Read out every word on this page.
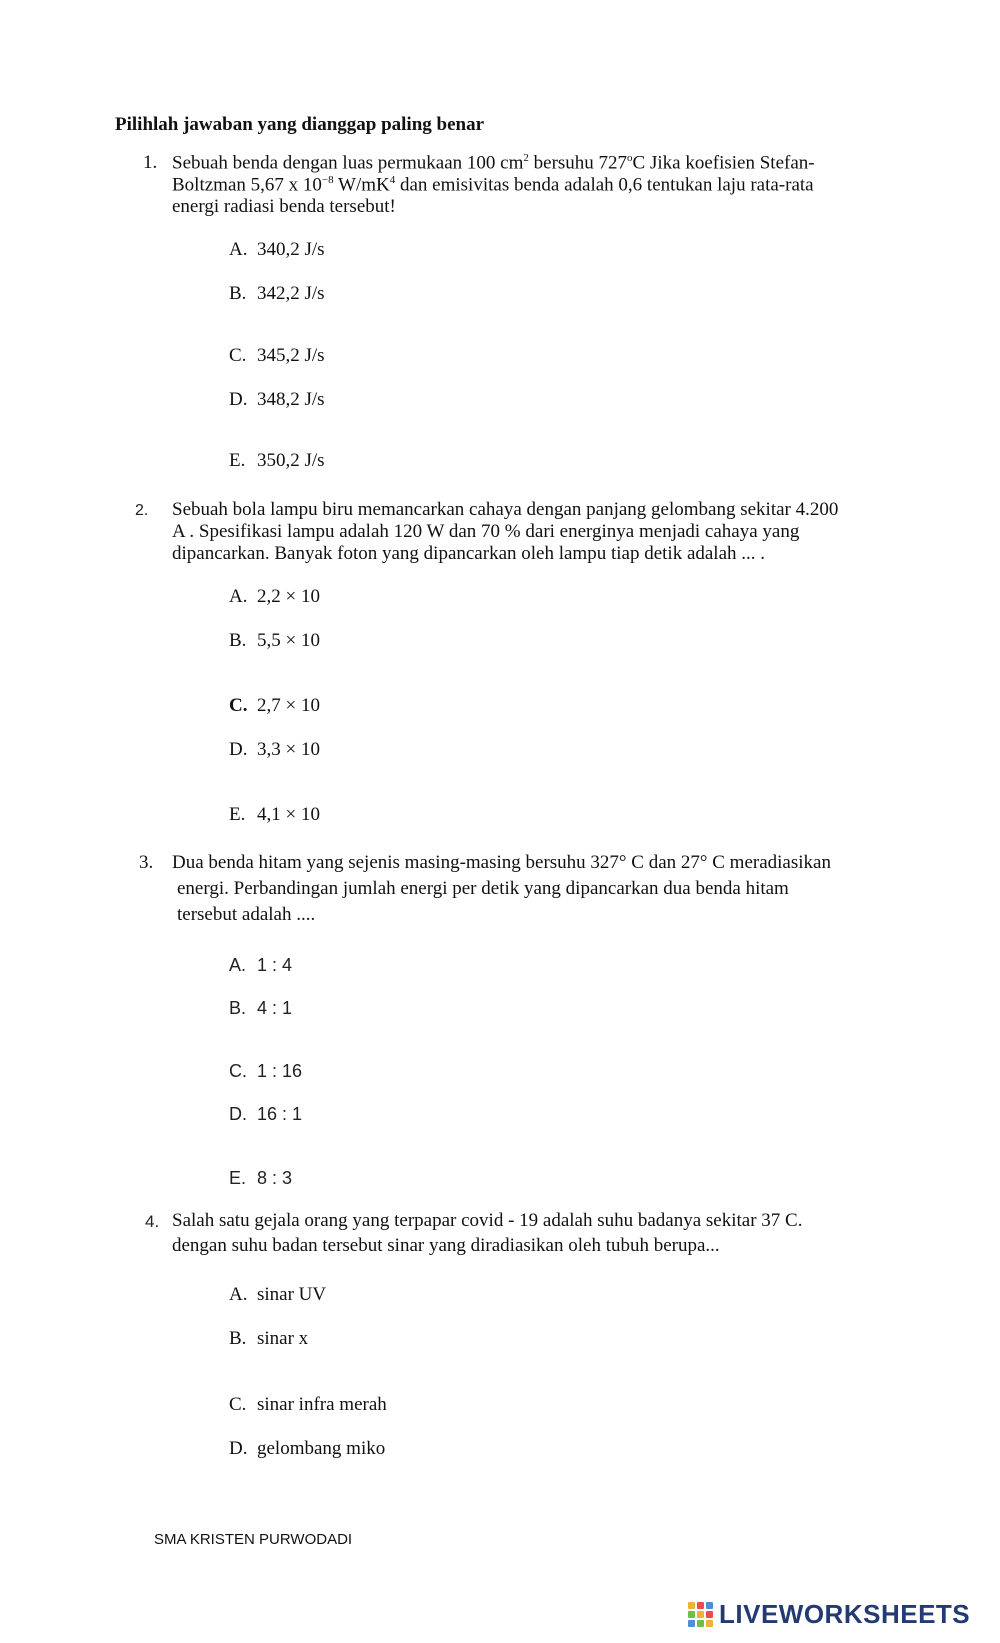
Pilihlah jawaban yang dianggap paling benar
1. Sebuah benda dengan luas permukaan 100 $cm^2$ bersuhu 727$^o$C Jika koefisien Stefan-
Boltzman 5,67 x $10^{-8}$ $W/mK^4$ dan emisivitas benda adalah 0,6 tentukan laju rata-rata
energi radiasi benda tersebut!
A. 340,2 J/s
B. 342,2 J/s
C. 345,2 J/s
D. 348,2 J/s
E. 350,2 J/s
2. Sebuah bola lampu biru memancarkan cahaya dengan panjang gelombang sekitar 4.200
A . Spesifikasi lampu adalah 120 W dan 70 % dari energinya menjadi cahaya yang
dipancarkan. Banyak foton yang dipancarkan oleh lampu tiap detik adalah ... .
A. 2,2 × 10
B. 5,5 × 10
C. 2,7 × 10
D. 3,3 × 10
E. 4,1 × 10
3. Dua benda hitam yang sejenis masing-masing bersuhu 327° C dan 27° C meradiasikan
energi. Perbandingan jumlah energi per detik yang dipancarkan dua benda hitam
tersebut adalah ....
A. 1 : 4
B. 4 : 1
C. 1 : 16
D. 16 : 1
E. 8 : 3
4. Salah satu gejala orang yang terpapar covid - 19 adalah suhu badanya sekitar 37 C.
dengan suhu badan tersebut sinar yang diradiasikan oleh tubuh berupa...
A. sinar UV
B. sinar x
C. sinar infra merah
D. gelombang miko
SMA KRISTEN PURWODADI
LIVEWORKSHEETS
